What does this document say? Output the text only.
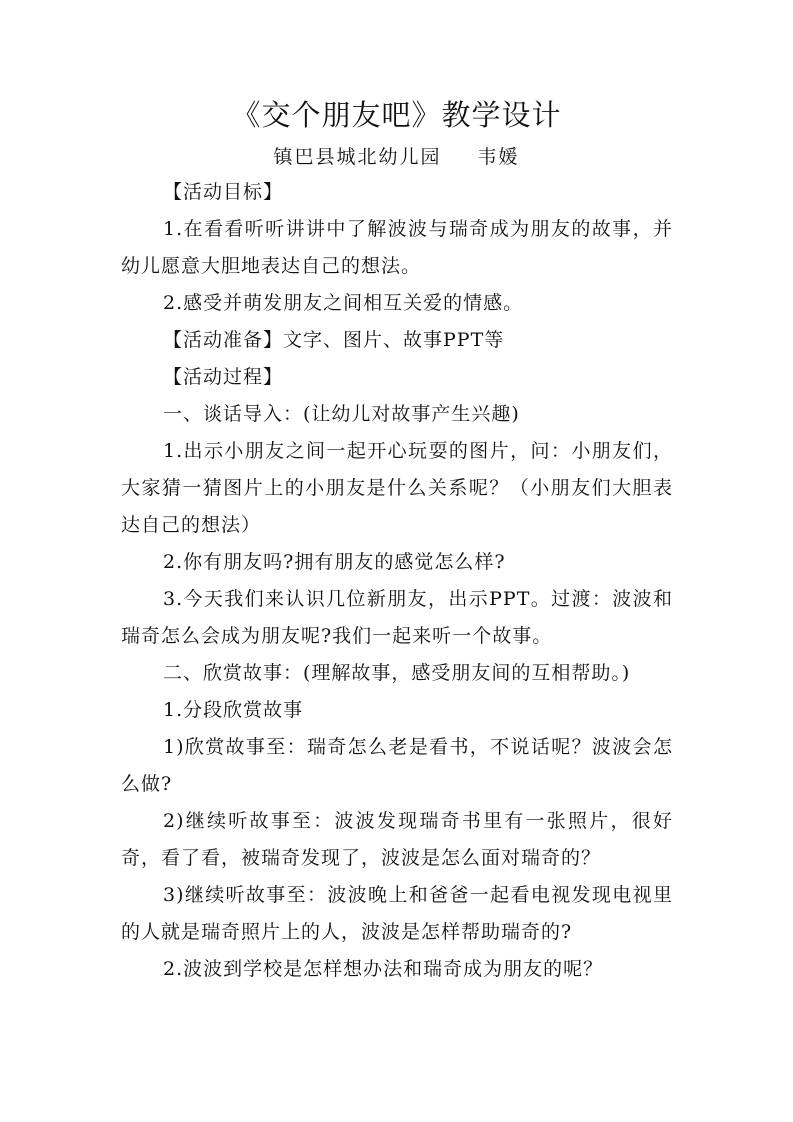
《交个朋友吧》教学设计
镇巴县城北幼儿园 韦媛

【活动目标】

1.在看看听听讲讲中了解波波与瑞奇成为朋友的故事，并幼儿愿意大胆地表达自己的想法。

2.感受并萌发朋友之间相互关爱的情感。

【活动准备】文字、图片、故事PPT等

【活动过程】

一、谈话导入：(让幼儿对故事产生兴趣)

1.出示小朋友之间一起开心玩耍的图片，问：小朋友们，大家猜一猜图片上的小朋友是什么关系呢？（小朋友们大胆表达自己的想法）

2.你有朋友吗?拥有朋友的感觉怎么样?

3.今天我们来认识几位新朋友，出示PPT。过渡：波波和瑞奇怎么会成为朋友呢?我们一起来听一个故事。

二、欣赏故事：(理解故事，感受朋友间的互相帮助。)

1.分段欣赏故事

1)欣赏故事至：瑞奇怎么老是看书，不说话呢？波波会怎么做?

2)继续听故事至：波波发现瑞奇书里有一张照片，很好奇，看了看，被瑞奇发现了，波波是怎么面对瑞奇的？

3)继续听故事至：波波晚上和爸爸一起看电视发现电视里的人就是瑞奇照片上的人，波波是怎样帮助瑞奇的?

2.波波到学校是怎样想办法和瑞奇成为朋友的呢？
